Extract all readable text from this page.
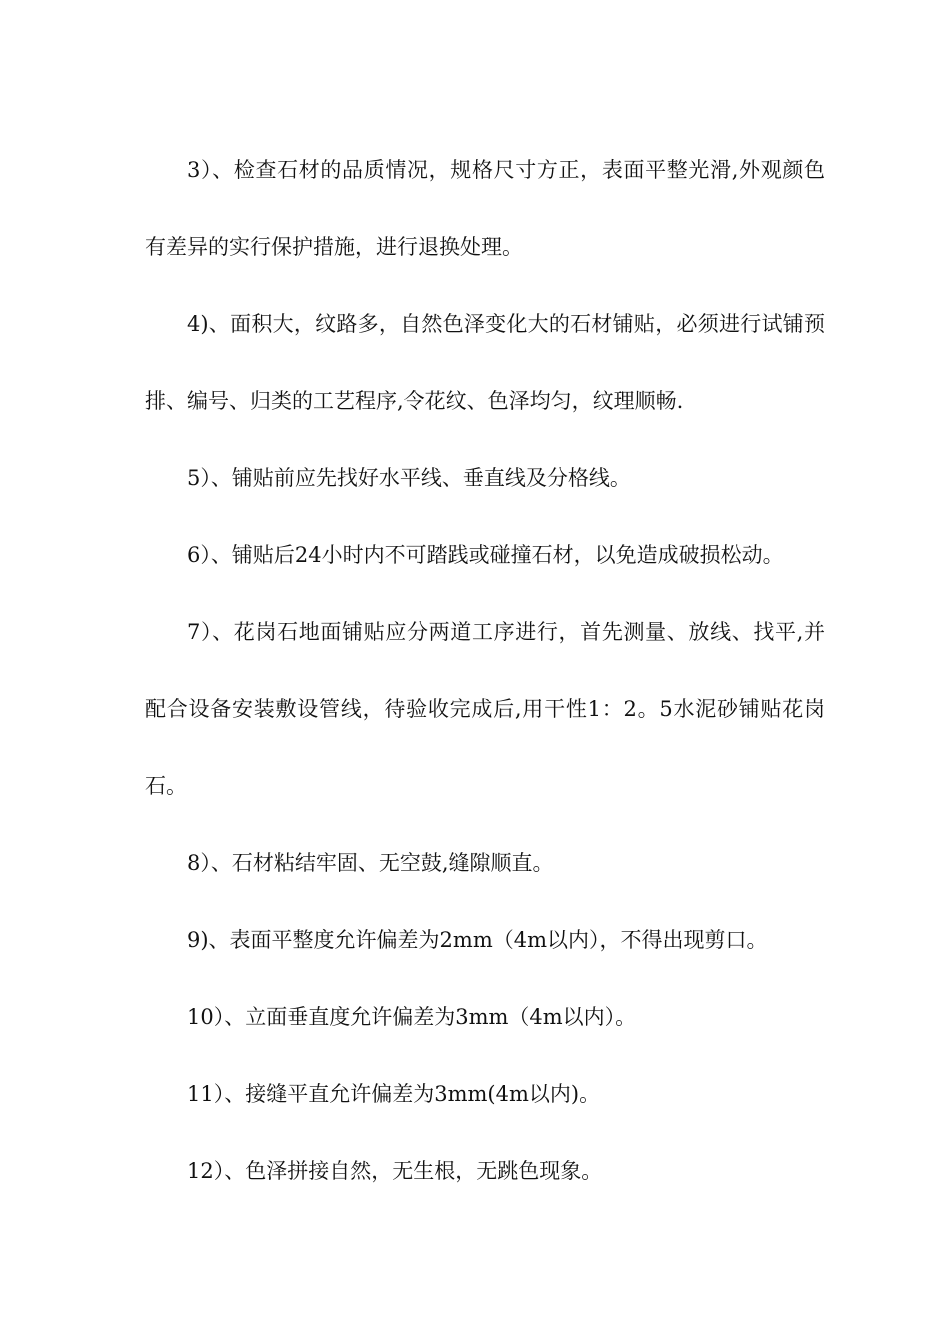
3）、检查石材的品质情况，规格尺寸方正，表面平整光滑,外观颜色有差异的实行保护措施，进行退换处理。

4)、面积大，纹路多，自然色泽变化大的石材铺贴，必须进行试铺预排、编号、归类的工艺程序,令花纹、色泽均匀，纹理顺畅.

5）、铺贴前应先找好水平线、垂直线及分格线。

6）、铺贴后24小时内不可踏践或碰撞石材，以免造成破损松动。

7）、花岗石地面铺贴应分两道工序进行，首先测量、放线、找平,并配合设备安装敷设管线，待验收完成后,用干性1：2。5水泥砂铺贴花岗石。

8）、石材粘结牢固、无空鼓,缝隙顺直。

9)、表面平整度允许偏差为2mm（4m以内），不得出现剪口。

10）、立面垂直度允许偏差为3mm（4m以内）。

11）、接缝平直允许偏差为3mm(4m以内)。

12）、色泽拼接自然，无生根，无跳色现象。
